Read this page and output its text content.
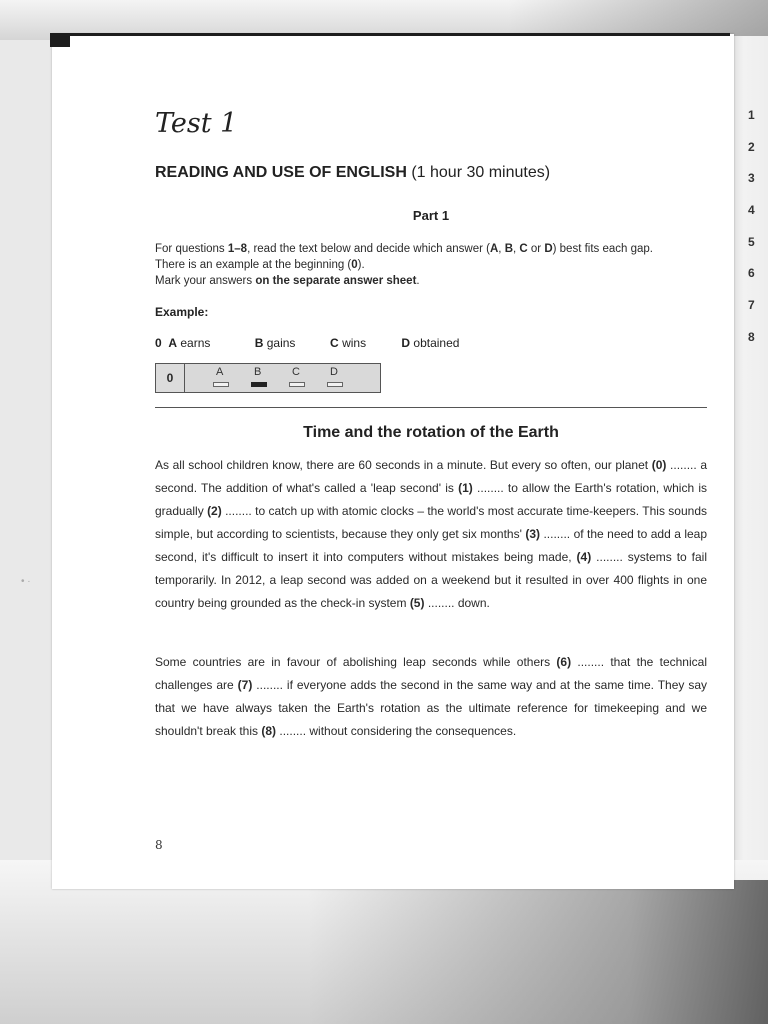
• ·
1
2
3
4
5
6
7
8
Test 1
READING AND USE OF ENGLISH (1 hour 30 minutes)
Part 1
For questions 1–8, read the text below and decide which answer (A, B, C or D) best fits each gap.
There is an example at the beginning (0).
Mark your answers on the separate answer sheet.
Example:
0 A earns	B gains	C wins	D obtained
0	A	B	C	D
Time and the rotation of the Earth
As all school children know, there are 60 seconds in a minute. But every so often, our planet (0) ........ a second. The addition of what's called a 'leap second' is (1) ........ to allow the Earth's rotation, which is gradually (2) ........ to catch up with atomic clocks – the world's most accurate time-keepers. This sounds simple, but according to scientists, because they only get six months' (3) ........ of the need to add a leap second, it's difficult to insert it into computers without mistakes being made, (4) ........ systems to fail temporarily. In 2012, a leap second was added on a weekend but it resulted in over 400 flights in one country being grounded as the check-in system (5) ........ down.
Some countries are in favour of abolishing leap seconds while others (6) ........ that the technical challenges are (7) ........ if everyone adds the second in the same way and at the same time. They say that we have always taken the Earth's rotation as the ultimate reference for timekeeping and we shouldn't break this (8) ........ without considering the consequences.
8
